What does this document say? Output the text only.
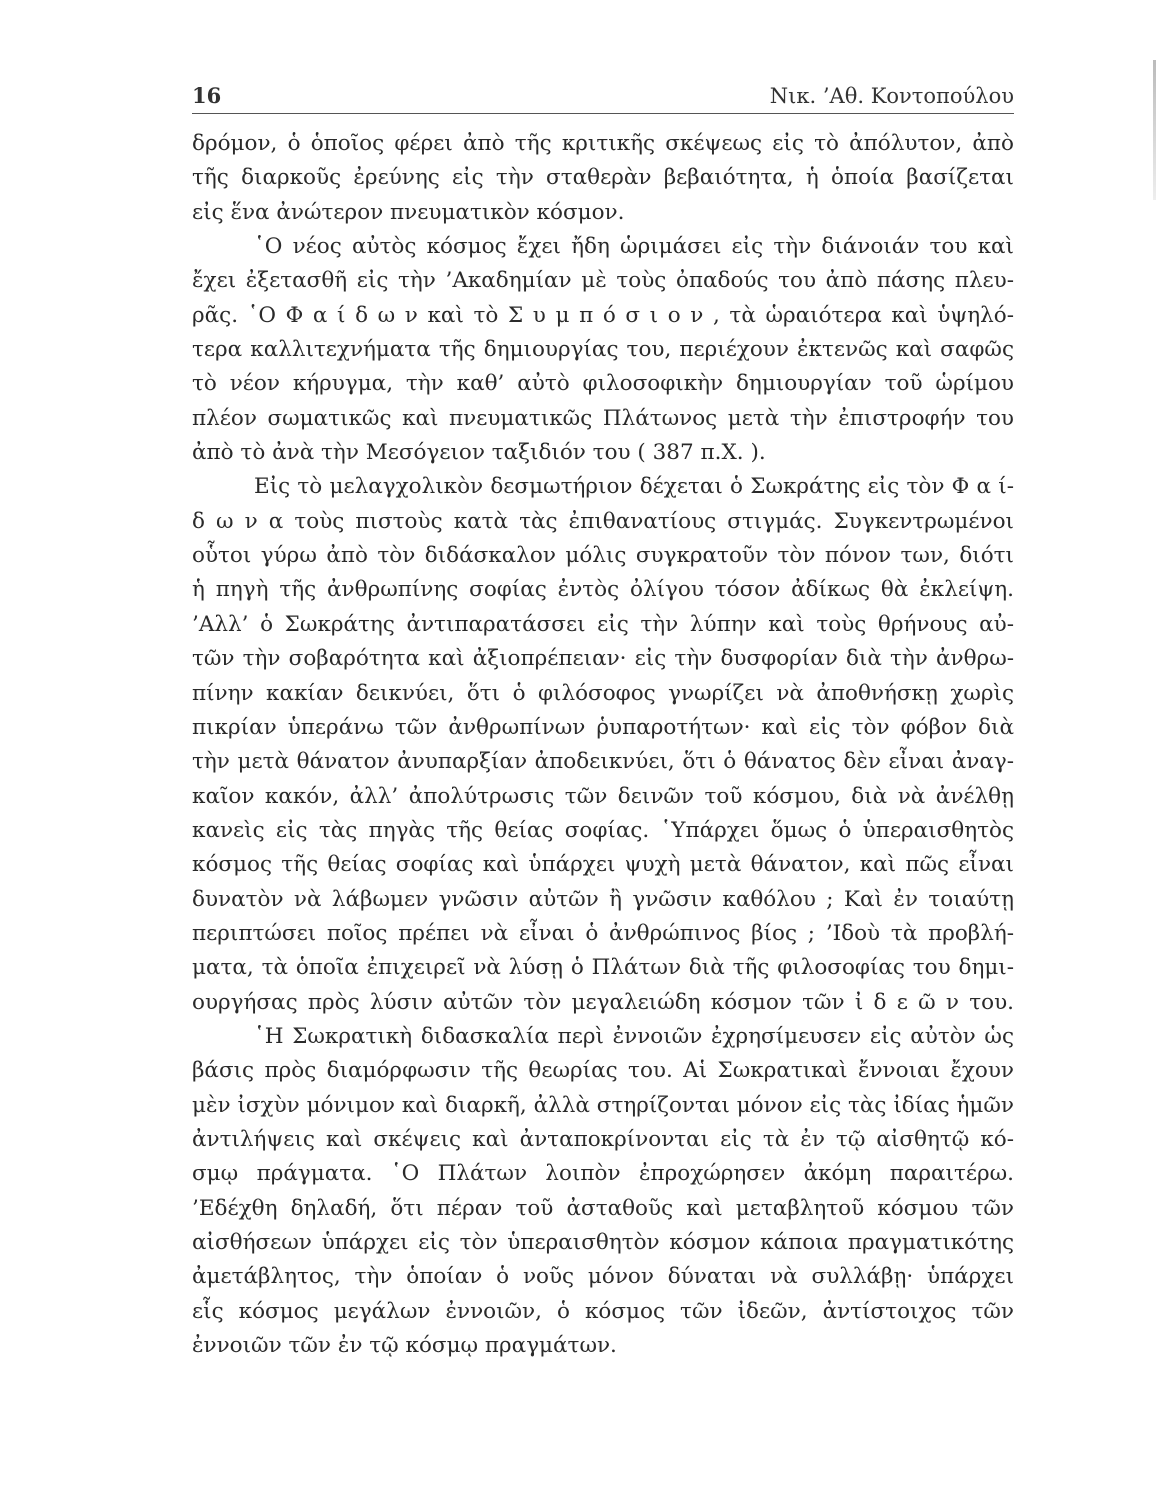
16	Νικ. ’Αθ. Κοντοπούλου
δρόμον, ὁ ὁποῖος φέρει ἀπὸ τῆς κριτικῆς σκέψεως εἰς τὸ ἀπόλυτον, ἀπὸ
τῆς διαρκοῦς ἐρεύνης εἰς τὴν σταθερὰν βεβαιότητα, ἡ ὁποία βασίζεται
εἰς ἕνα ἀνώτερον πνευματικὸν κόσμον.
῾Ο νέος αὐτὸς κόσμος ἔχει ἤδη ὡριμάσει εἰς τὴν διάνοιάν του καὶ
ἔχει ἐξετασθῆ εἰς τὴν ’Ακαδημίαν μὲ τοὺς ὀπαδούς του ἀπὸ πάσης πλευ-
ρᾶς. ῾Ο Φ α ί δ ω ν καὶ τὸ Σ υ μ π ό σ ι ο ν , τὰ ὡραιότερα καὶ ὑψηλό-
τερα καλλιτεχνήματα τῆς δημιουργίας του, περιέχουν ἐκτενῶς καὶ σαφῶς
τὸ νέον κήρυγμα, τὴν καθ’ αὐτὸ φιλοσοφικὴν δημιουργίαν τοῦ ὡρίμου
πλέον σωματικῶς καὶ πνευματικῶς Πλάτωνος μετὰ τὴν ἐπιστροφήν του
ἀπὸ τὸ ἀνὰ τὴν Μεσόγειον ταξιδιόν του ( 387 π.Χ. ).
Εἰς τὸ μελαγχολικὸν δεσμωτήριον δέχεται ὁ Σωκράτης εἰς τὸν Φ α ί-
δ ω ν α τοὺς πιστοὺς κατὰ τὰς ἐπιθανατίους στιγμάς. Συγκεντρωμένοι
οὗτοι γύρω ἀπὸ τὸν διδάσκαλον μόλις συγκρατοῦν τὸν πόνον των, διότι
ἡ πηγὴ τῆς ἀνθρωπίνης σοφίας ἐντὸς ὀλίγου τόσον ἀδίκως θὰ ἐκλείψη.
’Αλλ’ ὁ Σωκράτης ἀντιπαρατάσσει εἰς τὴν λύπην καὶ τοὺς θρήνους αὐ-
τῶν τὴν σοβαρότητα καὶ ἀξιοπρέπειαν· εἰς τὴν δυσφορίαν διὰ τὴν ἀνθρω-
πίνην κακίαν δεικνύει, ὅτι ὁ φιλόσοφος γνωρίζει νὰ ἀποθνήσκῃ χωρὶς
πικρίαν ὑπεράνω τῶν ἀνθρωπίνων ῥυπαροτήτων· καὶ εἰς τὸν φόβον διὰ
τὴν μετὰ θάνατον ἀνυπαρξίαν ἀποδεικνύει, ὅτι ὁ θάνατος δὲν εἶναι ἀναγ-
καῖον κακόν, ἀλλ’ ἀπολύτρωσις τῶν δεινῶν τοῦ κόσμου, διὰ νὰ ἀνέλθῃ
κανεὶς εἰς τὰς πηγὰς τῆς θείας σοφίας. ῾Υπάρχει ὅμως ὁ ὑπεραισθητὸς
κόσμος τῆς θείας σοφίας καὶ ὑπάρχει ψυχὴ μετὰ θάνατον, καὶ πῶς εἶναι
δυνατὸν νὰ λάβωμεν γνῶσιν αὐτῶν ἢ γνῶσιν καθόλου ; Καὶ ἐν τοιαύτῃ
περιπτώσει ποῖος πρέπει νὰ εἶναι ὁ ἀνθρώπινος βίος ; ’Ιδοὺ τὰ προβλή-
ματα, τὰ ὁποῖα ἐπιχειρεῖ νὰ λύσῃ ὁ Πλάτων διὰ τῆς φιλοσοφίας του δημι-
ουργήσας πρὸς λύσιν αὐτῶν τὸν μεγαλειώδη κόσμον τῶν ἰ δ ε ῶ ν του.
῾Η Σωκρατικὴ διδασκαλία περὶ ἐννοιῶν ἐχρησίμευσεν εἰς αὐτὸν ὡς
βάσις πρὸς διαμόρφωσιν τῆς θεωρίας του. Αἱ Σωκρατικαὶ ἔννοιαι ἔχουν
μὲν ἰσχὺν μόνιμον καὶ διαρκῆ, ἀλλὰ στηρίζονται μόνον εἰς τὰς ἰδίας ἡμῶν
ἀντιλήψεις καὶ σκέψεις καὶ ἀνταποκρίνονται εἰς τὰ ἐν τῷ αἰσθητῷ κό-
σμῳ πράγματα. ῾Ο Πλάτων λοιπὸν ἐπροχώρησεν ἀκόμη παραιτέρω.
’Εδέχθη δηλαδή, ὅτι πέραν τοῦ ἀσταθοῦς καὶ μεταβλητοῦ κόσμου τῶν
αἰσθήσεων ὑπάρχει εἰς τὸν ὑπεραισθητὸν κόσμον κάποια πραγματικότης
ἀμετάβλητος, τὴν ὁποίαν ὁ νοῦς μόνον δύναται νὰ συλλάβῃ· ὑπάρχει
εἷς κόσμος μεγάλων ἐννοιῶν, ὁ κόσμος τῶν ἰδεῶν, ἀντίστοιχος τῶν
ἐννοιῶν τῶν ἐν τῷ κόσμῳ πραγμάτων.
